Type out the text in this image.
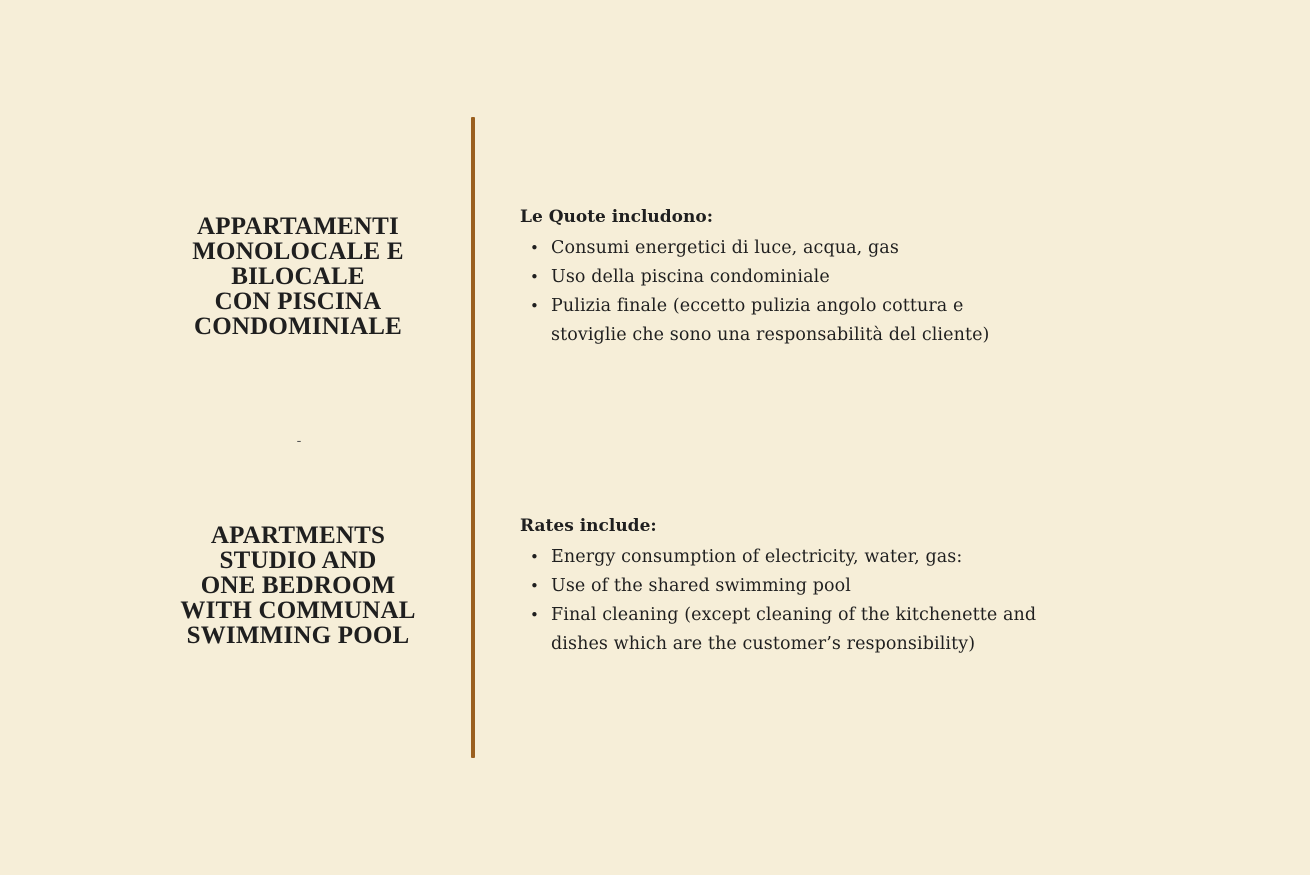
APPARTAMENTI
MONOLOCALE E
BILOCALE
CON PISCINA
CONDOMINIALE
-
APARTMENTS
STUDIO AND
ONE BEDROOM
WITH COMMUNAL
SWIMMING POOL

Le Quote includono:

• Consumi energetici di luce, acqua, gas
• Uso della piscina condominiale
• Pulizia finale (eccetto pulizia angolo cottura e
stoviglie che sono una responsabilità del cliente)

Rates include:

• Energy consumption of electricity, water, gas:
• Use of the shared swimming pool
• Final cleaning (except cleaning of the kitchenette and
dishes which are the customer’s responsibility)
